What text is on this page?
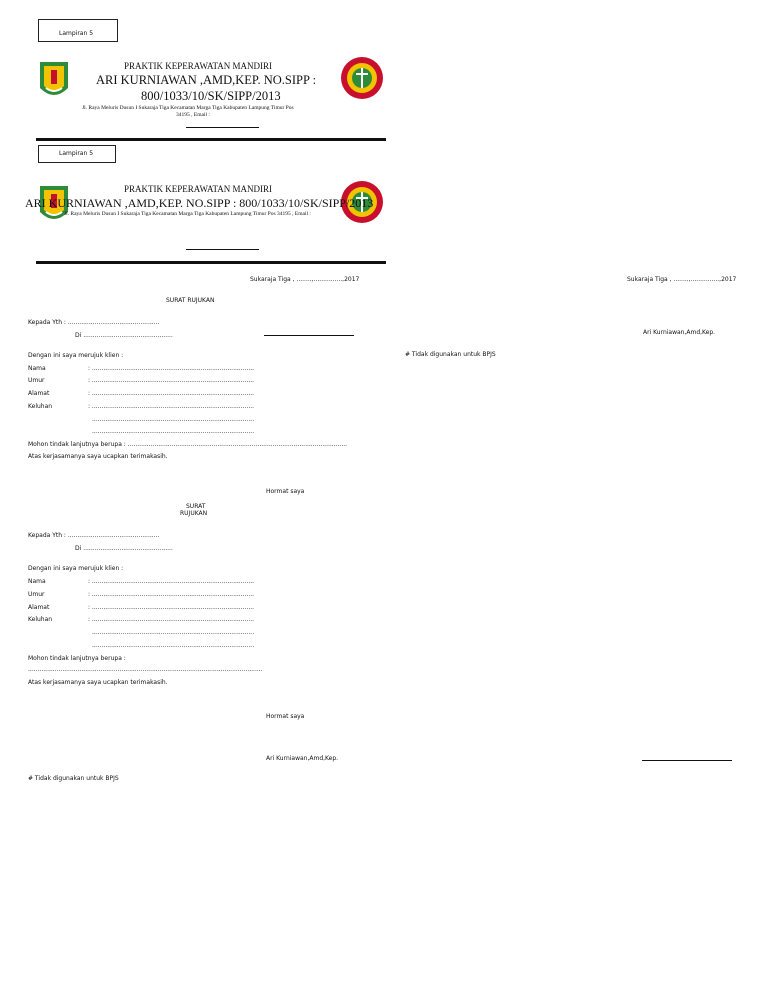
Lampiran 5
PRAKTIK KEPERAWATAN MANDIRI
ARI KURNIAWAN ,AMD,KEP. NO.SIPP :
800/1033/10/SK/SIPP/2013
Jl. Raya Meluris Dusun I Sukaraja Tiga Kecamatan Marga Tiga Kabupaten Lampung Timur Pos
34195 , Email :
Lampiran 5
PRAKTIK KEPERAWATAN MANDIRI
ARI KURNIAWAN ,AMD,KEP. NO.SIPP : 800/1033/10/SK/SIPP/2013
Jl. Raya Meluris Dusun I Sukaraja Tiga Kecamatan Marga Tiga Kabupaten Lampung Timur Pos 34195 , Email :
Sukaraja Tiga , ........,...............,2017
SURAT RUJUKAN
Kepada Yth : ................................................
Di ...............................................
Dengan ini saya merujuk klien :
Nama	: .....................................................................................
Umur	: .....................................................................................
Alamat	: .....................................................................................
Keluhan	: .....................................................................................
.....................................................................................
.....................................................................................
Mohon tindak lanjutnya berupa : ...................................................................................................................
Atas kerjasamanya saya ucapkan terimakasih.
Hormat saya
Sukaraja Tiga , ........,...............,2017
Ari Kurniawan,Amd,Kep.
# Tidak digunakan untuk BPJS
SURAT
RUJUKAN
Kepada Yth : ................................................
Di ...............................................
Dengan ini saya merujuk klien :
Nama	: .....................................................................................
Umur	: .....................................................................................
Alamat	: .....................................................................................
Keluhan	: .....................................................................................
.....................................................................................
.....................................................................................
Mohon tindak lanjutnya berupa :
...........................................................................................................................
Atas kerjasamanya saya ucapkan terimakasih.
Hormat saya
Ari Kurniawan,Amd,Kep.
# Tidak digunakan untuk BPJS
